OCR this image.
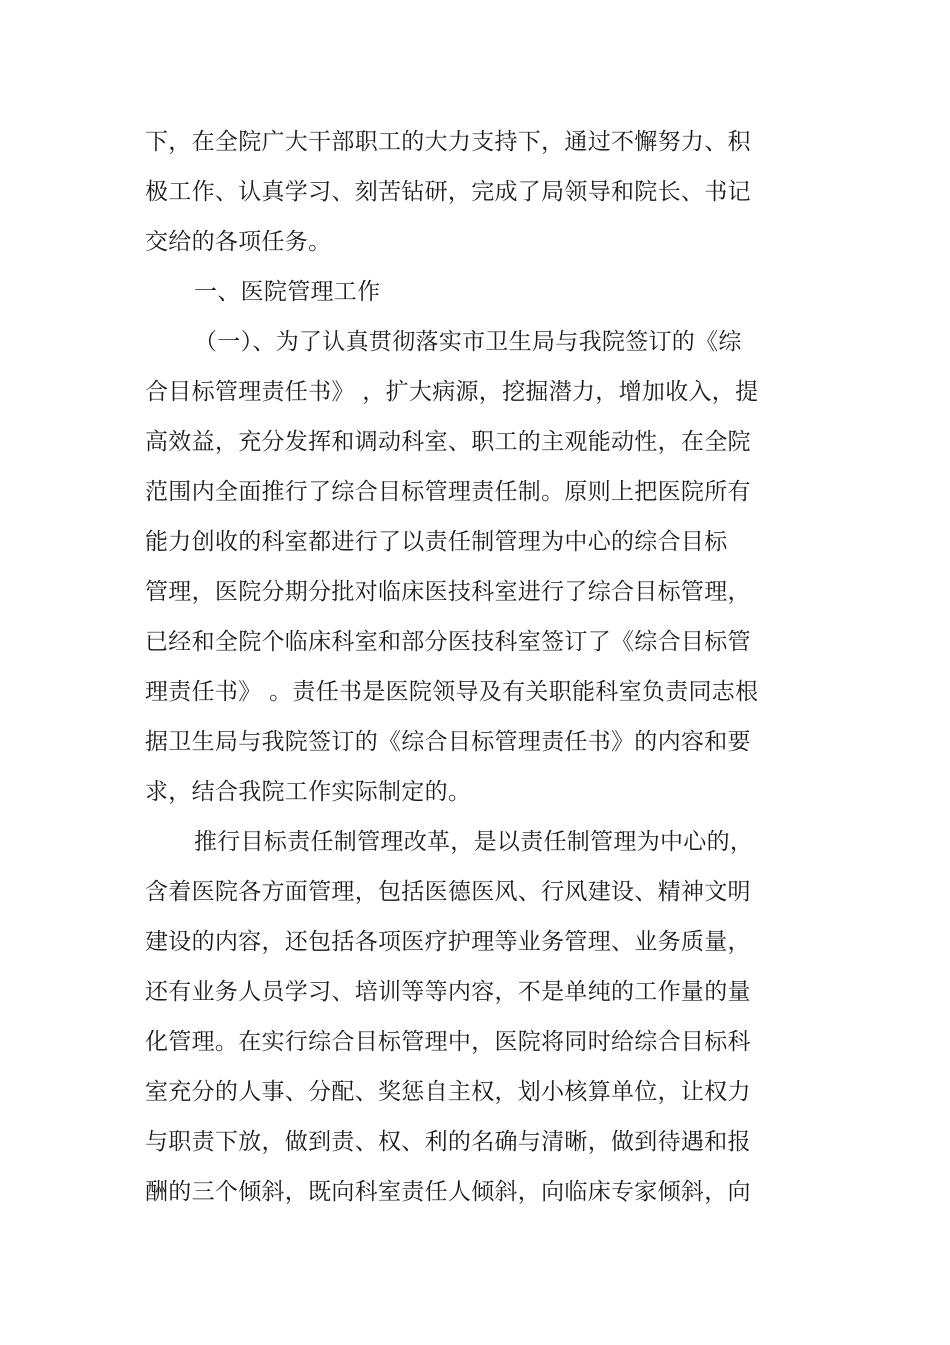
下，在全院广大干部职工的大力支持下，通过不懈努力、积

极工作、认真学习、刻苦钻研，完成了局领导和院长、书记

交给的各项任务。

一、医院管理工作

（一）、为了认真贯彻落实市卫生局与我院签订的《综

合目标管理责任书》 ，扩大病源，挖掘潜力，增加收入，提

高效益，充分发挥和调动科室、职工的主观能动性，在全院

范围内全面推行了综合目标管理责任制。原则上把医院所有

能力创收的科室都进行了以责任制管理为中心的综合目标

管理，医院分期分批对临床医技科室进行了综合目标管理，

已经和全院个临床科室和部分医技科室签订了《综合目标管

理责任书》 。责任书是医院领导及有关职能科室负责同志根

据卫生局与我院签订的《综合目标管理责任书》的内容和要

求，结合我院工作实际制定的。

推行目标责任制管理改革，是以责任制管理为中心的，

含着医院各方面管理，包括医德医风、行风建设、精神文明

建设的内容，还包括各项医疗护理等业务管理、业务质量，

还有业务人员学习、培训等等内容，不是单纯的工作量的量

化管理。在实行综合目标管理中，医院将同时给综合目标科

室充分的人事、分配、奖惩自主权，划小核算单位，让权力

与职责下放，做到责、权、利的名确与清晰，做到待遇和报

酬的三个倾斜，既向科室责任人倾斜，向临床专家倾斜，向
